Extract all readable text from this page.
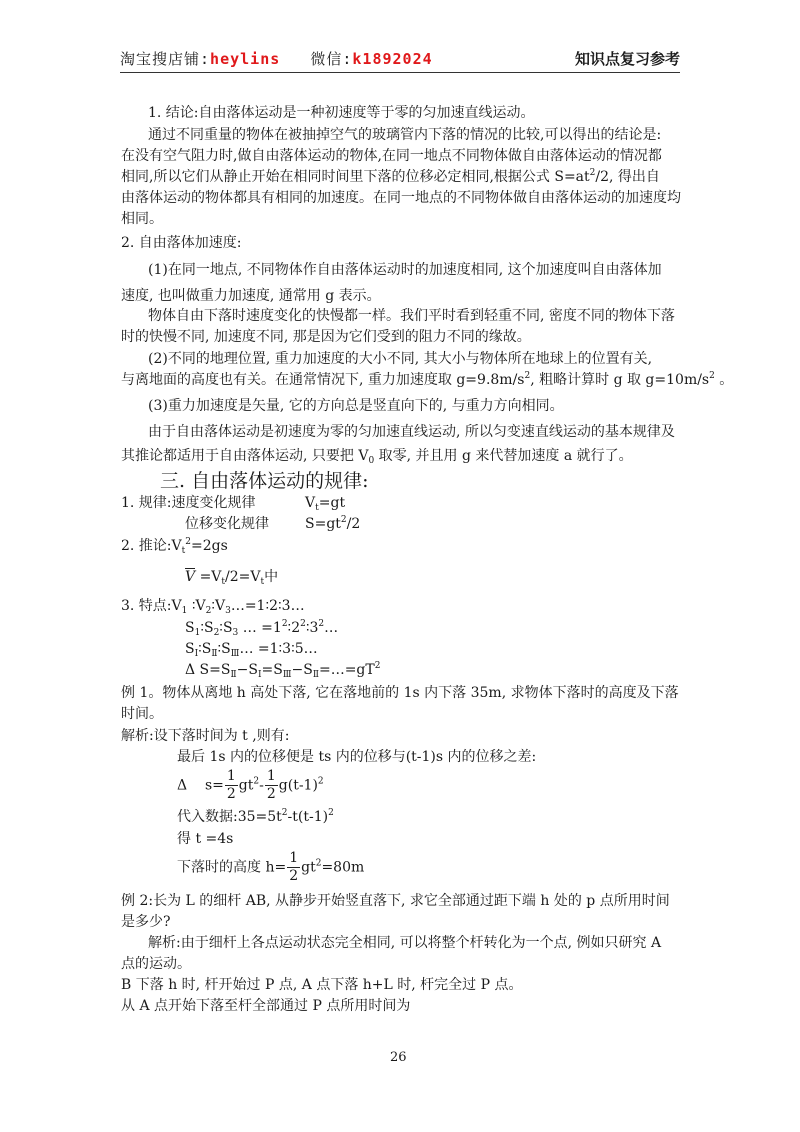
淘宝搜店铺:heylins 微信:k1892024	知识点复习参考
1. 结论:自由落体运动是一种初速度等于零的匀加速直线运动。
通过不同重量的物体在被抽掉空气的玻璃管内下落的情况的比较,可以得出的结论是:
在没有空气阻力时,做自由落体运动的物体,在同一地点不同物体做自由落体运动的情况都
相同,所以它们从静止开始在相同时间里下落的位移必定相同,根据公式 $S=at^2/2$, 得出自
由落体运动的物体都具有相同的加速度。在同一地点的不同物体做自由落体运动的加速度均
相同。
2. 自由落体加速度:
(1)在同一地点, 不同物体作自由落体运动时的加速度相同, 这个加速度叫自由落体加
速度, 也叫做重力加速度, 通常用 g 表示。
物体自由下落时速度变化的快慢都一样。我们平时看到轻重不同, 密度不同的物体下落
时的快慢不同, 加速度不同, 那是因为它们受到的阻力不同的缘故。
(2)不同的地理位置, 重力加速度的大小不同, 其大小与物体所在地球上的位置有关,
与离地面的高度也有关。在通常情况下, 重力加速度取 $g=9.8m/s^2$, 粗略计算时 g 取 $g=10m/s^2$ 。
(3)重力加速度是矢量, 它的方向总是竖直向下的, 与重力方向相同。
由于自由落体运动是初速度为零的匀加速直线运动, 所以匀变速直线运动的基本规律及
其推论都适用于自由落体运动, 只要把 $V_0$ 取零, 并且用 g 来代替加速度 a 就行了。
三. 自由落体运动的规律:
1. 规律:速度变化规律	$V_t=gt$
位移变化规律	$S=gt^2/2$
2. 推论$:V_t^2=2gs$
$V =V_t/2=V_t$中
3. 特点$:V_1$ $∶V_2∶V_3\dots=1∶2∶3\dots$
$S_1∶S_2∶S_3$ … $=1^2∶2^2∶3^2\dots$
$S_Ⅰ∶S_Ⅱ∶S_Ⅲ\dots$ =1∶3∶5…
Δ $S=S_Ⅱ-S_Ⅰ=S_Ⅲ-S_Ⅱ=\dots=gT^2$
例 1。物体从离地 h 高处下落, 它在落地前的 1s 内下落 35m, 求物体下落时的高度及下落
时间。
解析:设下落时间为 t ,则有:
最后 1s 内的位移便是 ts 内的位移与(t-1)s 内的位移之差:
Δ $s= \frac{1}{2} gt^2- \frac{1}{2} g(t-1)^2$
代入数据$:35=5t^2-t(t-1)^2$
得 t =4s
下落时的高度 $h= \frac{1}{2} gt^2=80m$
例 2:长为 L 的细杆 AB, 从静步开始竖直落下, 求它全部通过距下端 h 处的 p 点所用时间
是多少?
解析:由于细杆上各点运动状态完全相同, 可以将整个杆转化为一个点, 例如只研究 A
点的运动。
B 下落 h 时, 杆开始过 P 点, A 点下落 h+L 时, 杆完全过 P 点。
从 A 点开始下落至杆全部通过 P 点所用时间为
26
